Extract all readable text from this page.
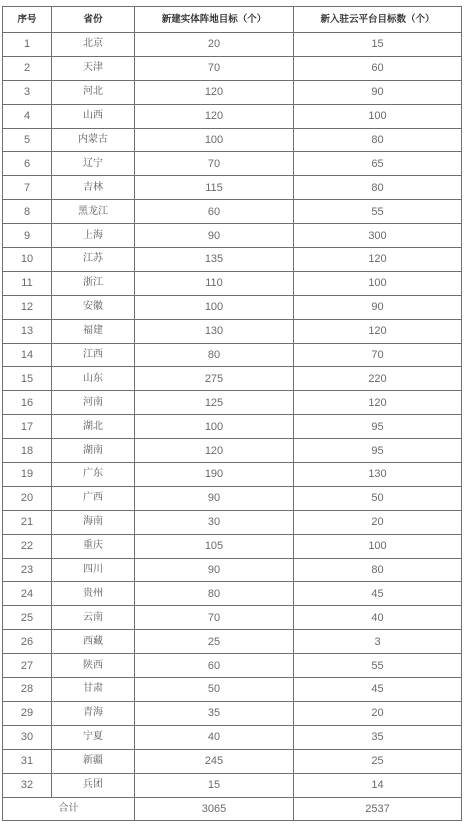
序号	省份	新建实体阵地目标（个）	新入驻云平台目标数（个）
1	北京	20	15
2	天津	70	60
3	河北	120	90
4	山西	120	100
5	内蒙古	100	80
6	辽宁	70	65
7	吉林	115	80
8	黑龙江	60	55
9	上海	90	300
10	江苏	135	120
11	浙江	110	100
12	安徽	100	90
13	福建	130	120
14	江西	80	70
15	山东	275	220
16	河南	125	120
17	湖北	100	95
18	湖南	120	95
19	广东	190	130
20	广西	90	50
21	海南	30	20
22	重庆	105	100
23	四川	90	80
24	贵州	80	45
25	云南	70	40
26	西藏	25	3
27	陕西	60	55
28	甘肃	50	45
29	青海	35	20
30	宁夏	40	35
31	新疆	245	25
32	兵团	15	14
合计		3065	2537
